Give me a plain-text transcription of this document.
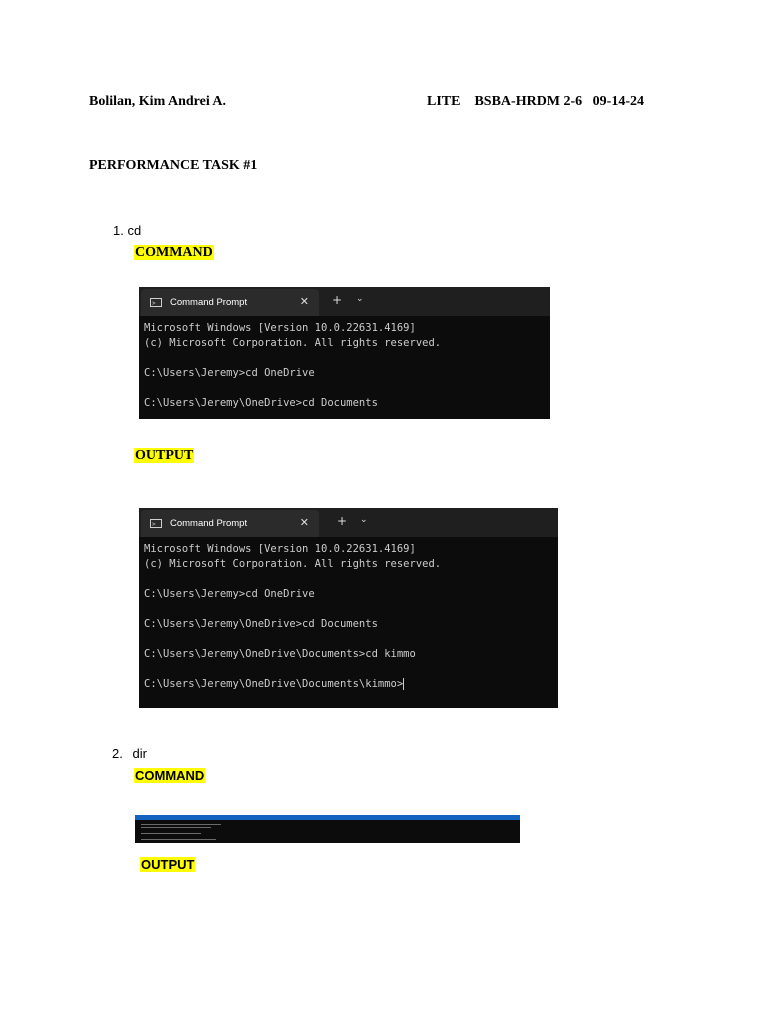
Bolilan, Kim Andrei A.	LITE    BSBA-HRDM 2-6   09-14-24
PERFORMANCE TASK #1
1. cd
COMMAND
>_ Command Prompt	✕ + ⌄
Microsoft Windows [Version 10.0.22631.4169]
(c) Microsoft Corporation. All rights reserved.
C:\Users\Jeremy>cd OneDrive
C:\Users\Jeremy\OneDrive>cd Documents
OUTPUT
>_ Command Prompt	✕ + ⌄
Microsoft Windows [Version 10.0.22631.4169]
(c) Microsoft Corporation. All rights reserved.
C:\Users\Jeremy>cd OneDrive
C:\Users\Jeremy\OneDrive>cd Documents
C:\Users\Jeremy\OneDrive\Documents>cd kimmo
C:\Users\Jeremy\OneDrive\Documents\kimmo>
2. dir
COMMAND
OUTPUT
